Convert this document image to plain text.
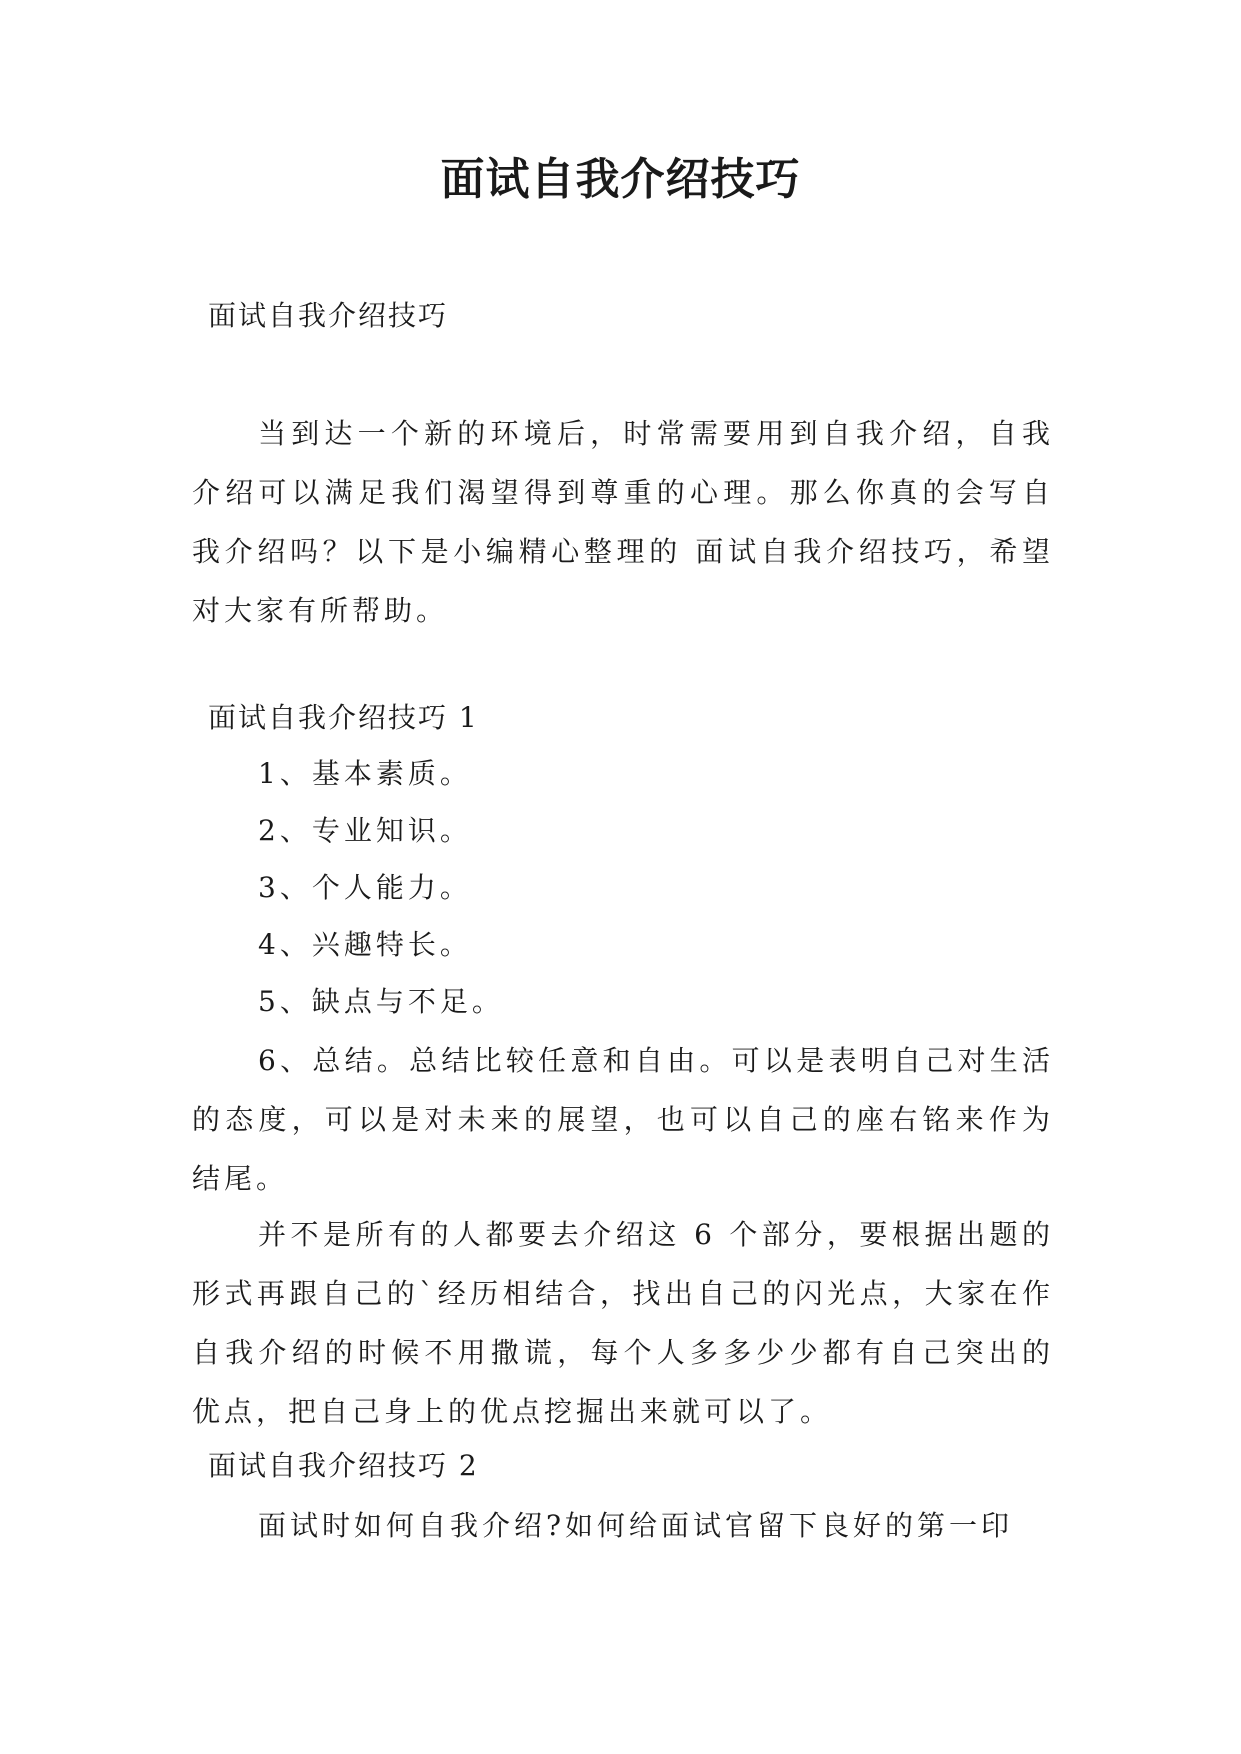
面试自我介绍技巧
面试自我介绍技巧

当到达一个新的环境后，时常需要用到自我介绍，自我介绍可以满足我们渴望得到尊重的心理。那么你真的会写自我介绍吗？以下是小编精心整理的 面试自我介绍技巧，希望对大家有所帮助。

面试自我介绍技巧 1
1、基本素质。
2、专业知识。
3、个人能力。
4、兴趣特长。
5、缺点与不足。

6、总结。总结比较任意和自由。可以是表明自己对生活的态度，可以是对未来的展望，也可以自己的座右铭来作为结尾。

并不是所有的人都要去介绍这 6 个部分，要根据出题的形式再跟自己的`经历相结合，找出自己的闪光点，大家在作自我介绍的时候不用撒谎，每个人多多少少都有自己突出的优点，把自己身上的优点挖掘出来就可以了。

面试自我介绍技巧 2

面试时如何自我介绍?如何给面试官留下良好的第一印
